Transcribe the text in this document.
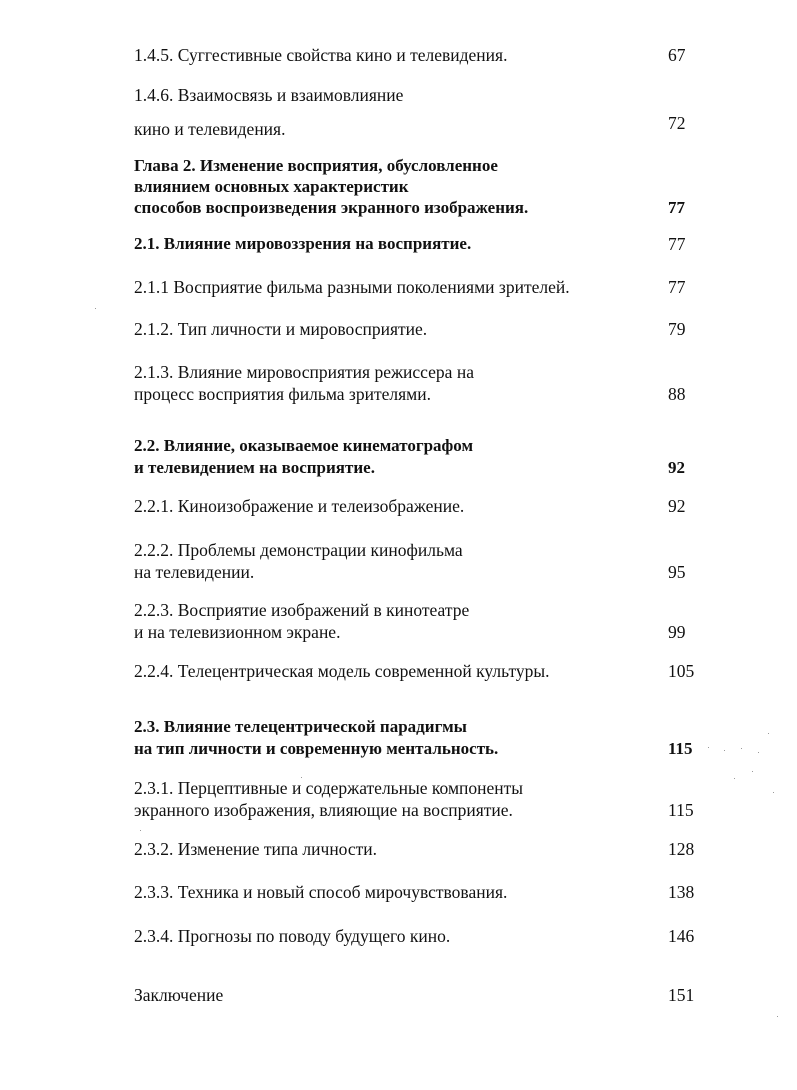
1.4.5. Суггестивные свойства кино и телевидения.	67
1.4.6. Взаимосвязь и взаимовлияние
кино и телевидения.	72
Глава 2. Изменение восприятия, обусловленное
влиянием основных характеристик
способов воспроизведения экранного изображения.	77
2.1. Влияние мировоззрения на восприятие.	77
2.1.1 Восприятие фильма разными поколениями зрителей.	77
2.1.2. Тип личности и мировосприятие.	79
2.1.3. Влияние мировосприятия режиссера на
процесс восприятия фильма зрителями.	88
2.2. Влияние, оказываемое кинематографом
и телевидением на восприятие.	92
2.2.1. Киноизображение и телеизображение.	92
2.2.2. Проблемы демонстрации кинофильма
на телевидении.	95
2.2.3. Восприятие изображений в кинотеатре
и на телевизионном экране.	99
2.2.4. Телецентрическая модель современной культуры.	105
2.3. Влияние телецентрической парадигмы
на тип личности и современную ментальность.	115
2.3.1. Перцептивные и содержательные компоненты
экранного изображения, влияющие на восприятие.	115
2.3.2. Изменение типа личности.	128
2.3.3. Техника и новый способ мирочувствования.	138
2.3.4. Прогнозы по поводу будущего кино.	146
Заключение	151
